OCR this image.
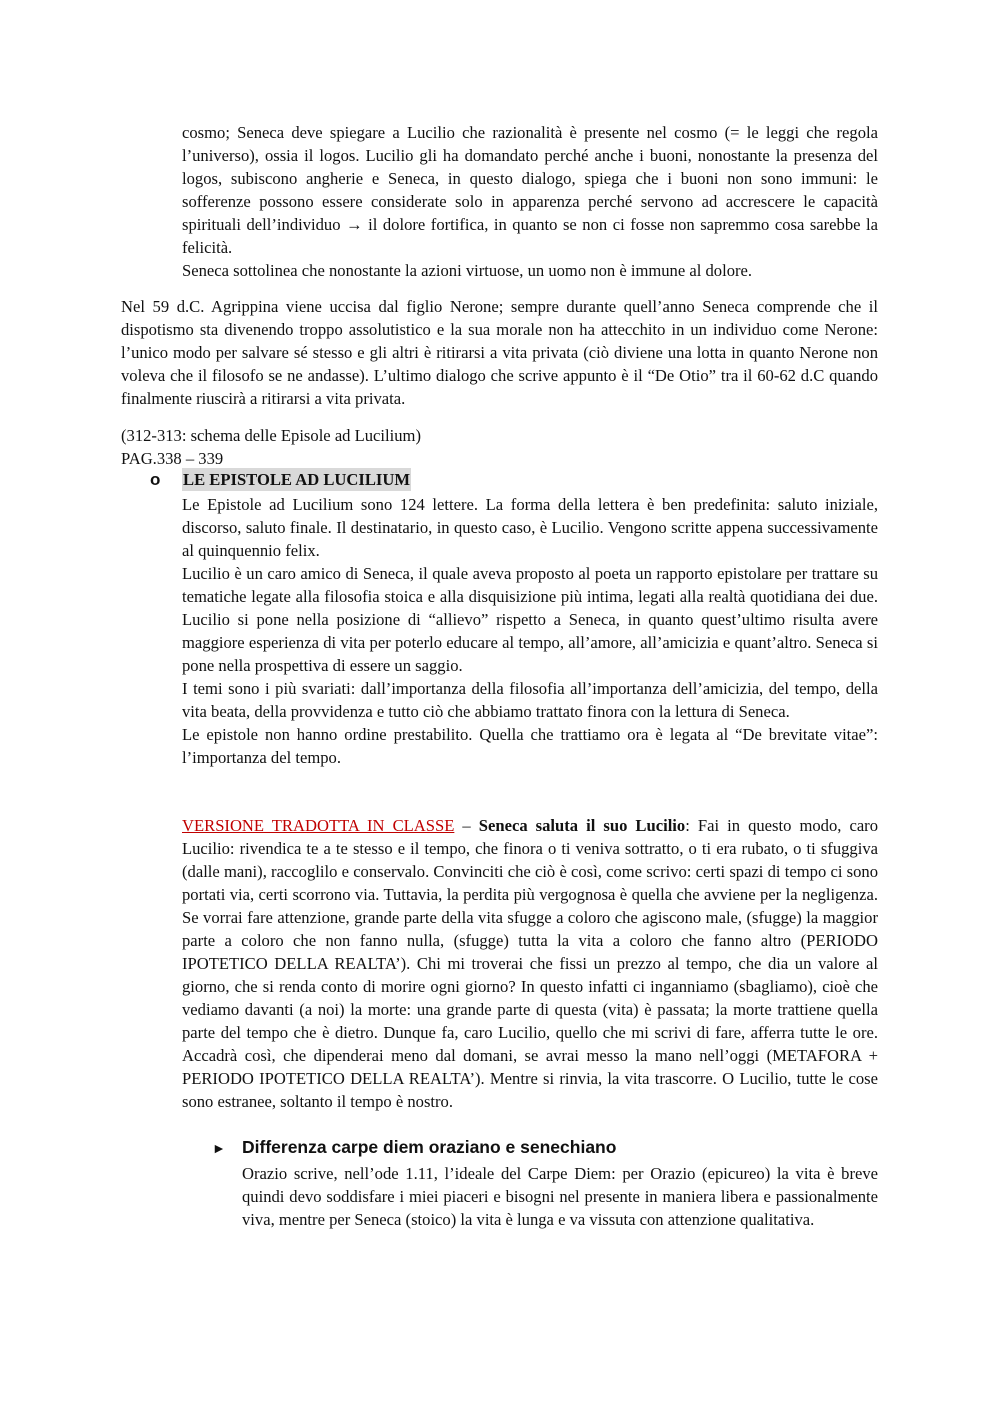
cosmo; Seneca deve spiegare a Lucilio che razionalità è presente nel cosmo (= le leggi che regola l’universo), ossia il logos. Lucilio gli ha domandato perché anche i buoni, nonostante la presenza del logos, subiscono angherie e Seneca, in questo dialogo, spiega che i buoni non sono immuni: le sofferenze possono essere considerate solo in apparenza perché servono ad accrescere le capacità spirituali dell’individuo → il dolore fortifica, in quanto se non ci fosse non sapremmo cosa sarebbe la felicità.

Seneca sottolinea che nonostante la azioni virtuose, un uomo non è immune al dolore.

Nel 59 d.C. Agrippina viene uccisa dal figlio Nerone; sempre durante quell’anno Seneca comprende che il dispotismo sta divenendo troppo assolutistico e la sua morale non ha attecchito in un individuo come Nerone: l’unico modo per salvare sé stesso e gli altri è ritirarsi a vita privata (ciò diviene una lotta in quanto Nerone non voleva che il filosofo se ne andasse). L’ultimo dialogo che scrive appunto è il “De Otio” tra il 60-62 d.C quando finalmente riuscirà a ritirarsi a vita privata.

(312-313: schema delle Episole ad Lucilium)

PAG.338 – 339

o LE EPISTOLE AD LUCILIUM

Le Epistole ad Lucilium sono 124 lettere. La forma della lettera è ben predefinita: saluto iniziale, discorso, saluto finale. Il destinatario, in questo caso, è Lucilio. Vengono scritte appena successivamente al quinquennio felix.

Lucilio è un caro amico di Seneca, il quale aveva proposto al poeta un rapporto epistolare per trattare su tematiche legate alla filosofia stoica e alla disquisizione più intima, legati alla realtà quotidiana dei due. Lucilio si pone nella posizione di “allievo” rispetto a Seneca, in quanto quest’ultimo risulta avere maggiore esperienza di vita per poterlo educare al tempo, all’amore, all’amicizia e quant’altro. Seneca si pone nella prospettiva di essere un saggio.

I temi sono i più svariati: dall’importanza della filosofia all’importanza dell’amicizia, del tempo, della vita beata, della provvidenza e tutto ciò che abbiamo trattato finora con la lettura di Seneca.

Le epistole non hanno ordine prestabilito. Quella che trattiamo ora è legata al “De brevitate vitae”: l’importanza del tempo.

VERSIONE TRADOTTA IN CLASSE – Seneca saluta il suo Lucilio: Fai in questo modo, caro Lucilio: rivendica te a te stesso e il tempo, che finora o ti veniva sottratto, o ti era rubato, o ti sfuggiva (dalle mani), raccoglilo e conservalo. Convinciti che ciò è così, come scrivo: certi spazi di tempo ci sono portati via, certi scorrono via. Tuttavia, la perdita più vergognosa è quella che avviene per la negligenza. Se vorrai fare attenzione, grande parte della vita sfugge a coloro che agiscono male, (sfugge) la maggior parte a coloro che non fanno nulla, (sfugge) tutta la vita a coloro che fanno altro (PERIODO IPOTETICO DELLA REALTA’). Chi mi troverai che fissi un prezzo al tempo, che dia un valore al giorno, che si renda conto di morire ogni giorno? In questo infatti ci inganniamo (sbagliamo), cioè che vediamo davanti (a noi) la morte: una grande parte di questa (vita) è passata; la morte trattiene quella parte del tempo che è dietro. Dunque fa, caro Lucilio, quello che mi scrivi di fare, afferra tutte le ore. Accadrà così, che dipenderai meno dal domani, se avrai messo la mano nell’oggi (METAFORA + PERIODO IPOTETICO DELLA REALTA’). Mentre si rinvia, la vita trascorre. O Lucilio, tutte le cose sono estranee, soltanto il tempo è nostro.

► Differenza carpe diem oraziano e senechiano

Orazio scrive, nell’ode 1.11, l’ideale del Carpe Diem: per Orazio (epicureo) la vita è breve quindi devo soddisfare i miei piaceri e bisogni nel presente in maniera libera e passionalmente viva, mentre per Seneca (stoico) la vita è lunga e va vissuta con attenzione qualitativa.
